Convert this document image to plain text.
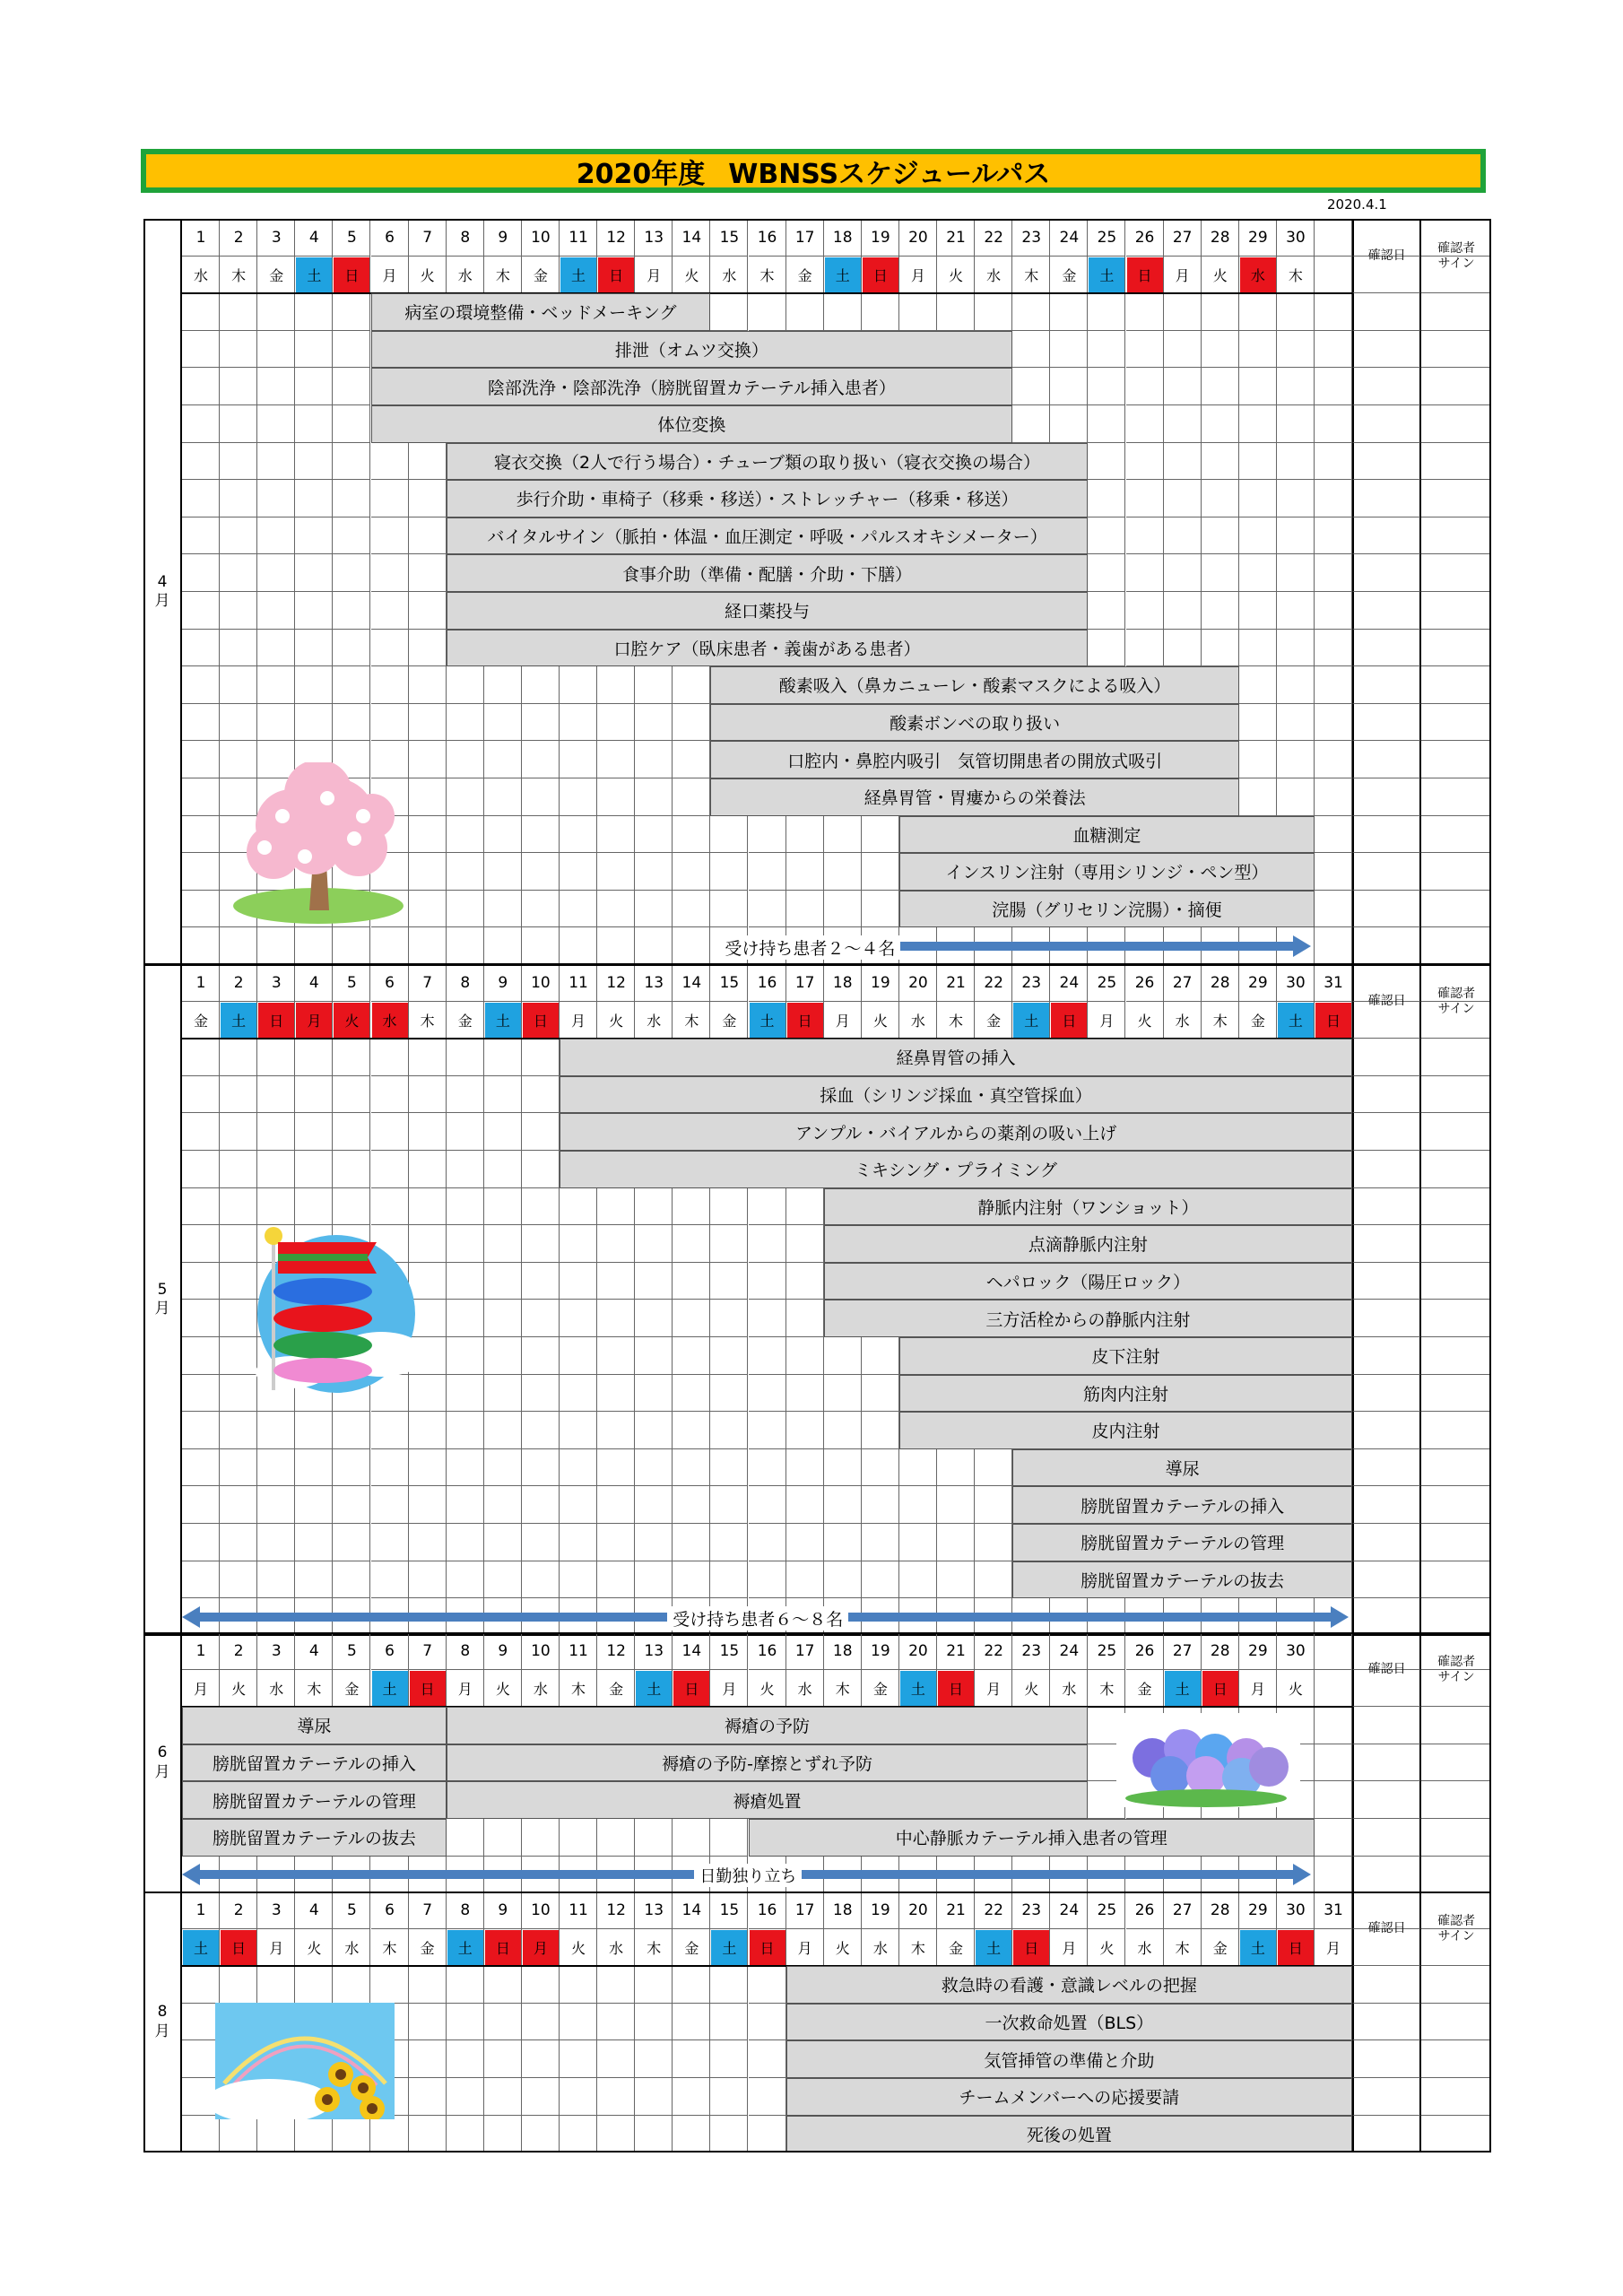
2020年度 WBNSSスケジュールパス
2020.4.1
4
月
1
水
2
木
3
金
4
土
5
日
6
月
7
火
8
水
9
木
10
金
11
土
12
日
13
月
14
火
15
水
16
木
17
金
18
土
19
日
20
月
21
火
22
水
23
木
24
金
25
土
26
日
27
月
28
火
29
水
30
木
確認日
確認者
サイン
病室の環境整備・ベッドメーキング
排泄（オムツ交換）
陰部洗浄・陰部洗浄（膀胱留置カテーテル挿入患者）
体位変換
寝衣交換（2人で行う場合）・チューブ類の取り扱い（寝衣交換の場合）
歩行介助・車椅子（移乗・移送）・ストレッチャー（移乗・移送）
バイタルサイン（脈拍・体温・血圧測定・呼吸・パルスオキシメーター）
食事介助（準備・配膳・介助・下膳）
経口薬投与
口腔ケア（臥床患者・義歯がある患者）
酸素吸入（鼻カニューレ・酸素マスクによる吸入）
酸素ボンベの取り扱い
口腔内・鼻腔内吸引　気管切開患者の開放式吸引
経鼻胃管・胃瘻からの栄養法
血糖測定
インスリン注射（専用シリンジ・ペン型）
浣腸（グリセリン浣腸）・摘便
受け持ち患者２～４名
5
月
1
金
2
土
3
日
4
月
5
火
6
水
7
木
8
金
9
土
10
日
11
月
12
火
13
水
14
木
15
金
16
土
17
日
18
月
19
火
20
水
21
木
22
金
23
土
24
日
25
月
26
火
27
水
28
木
29
金
30
土
31
日
確認日
確認者
サイン
経鼻胃管の挿入
採血（シリンジ採血・真空管採血）
アンプル・バイアルからの薬剤の吸い上げ
ミキシング・プライミング
静脈内注射（ワンショット）
点滴静脈内注射
ヘパロック（陽圧ロック）
三方活栓からの静脈内注射
皮下注射
筋肉内注射
皮内注射
導尿
膀胱留置カテーテルの挿入
膀胱留置カテーテルの管理
膀胱留置カテーテルの抜去
受け持ち患者６～８名
6
月
1
月
2
火
3
水
4
木
5
金
6
土
7
日
8
月
9
火
10
水
11
木
12
金
13
土
14
日
15
月
16
火
17
水
18
木
19
金
20
土
21
日
22
月
23
火
24
水
25
木
26
金
27
土
28
日
29
月
30
火
確認日
確認者
サイン
導尿
膀胱留置カテーテルの挿入
膀胱留置カテーテルの管理
膀胱留置カテーテルの抜去
褥瘡の予防
褥瘡の予防-摩擦とずれ予防
褥瘡処置
中心静脈カテーテル挿入患者の管理
日勤独り立ち
8
月
1
土
2
日
3
月
4
火
5
水
6
木
7
金
8
土
9
日
10
月
11
火
12
水
13
木
14
金
15
土
16
日
17
月
18
火
19
水
20
木
21
金
22
土
23
日
24
月
25
火
26
水
27
木
28
金
29
土
30
日
31
月
確認日
確認者
サイン
救急時の看護・意識レベルの把握
一次救命処置（BLS）
気管挿管の準備と介助
チームメンバーへの応援要請
死後の処置
